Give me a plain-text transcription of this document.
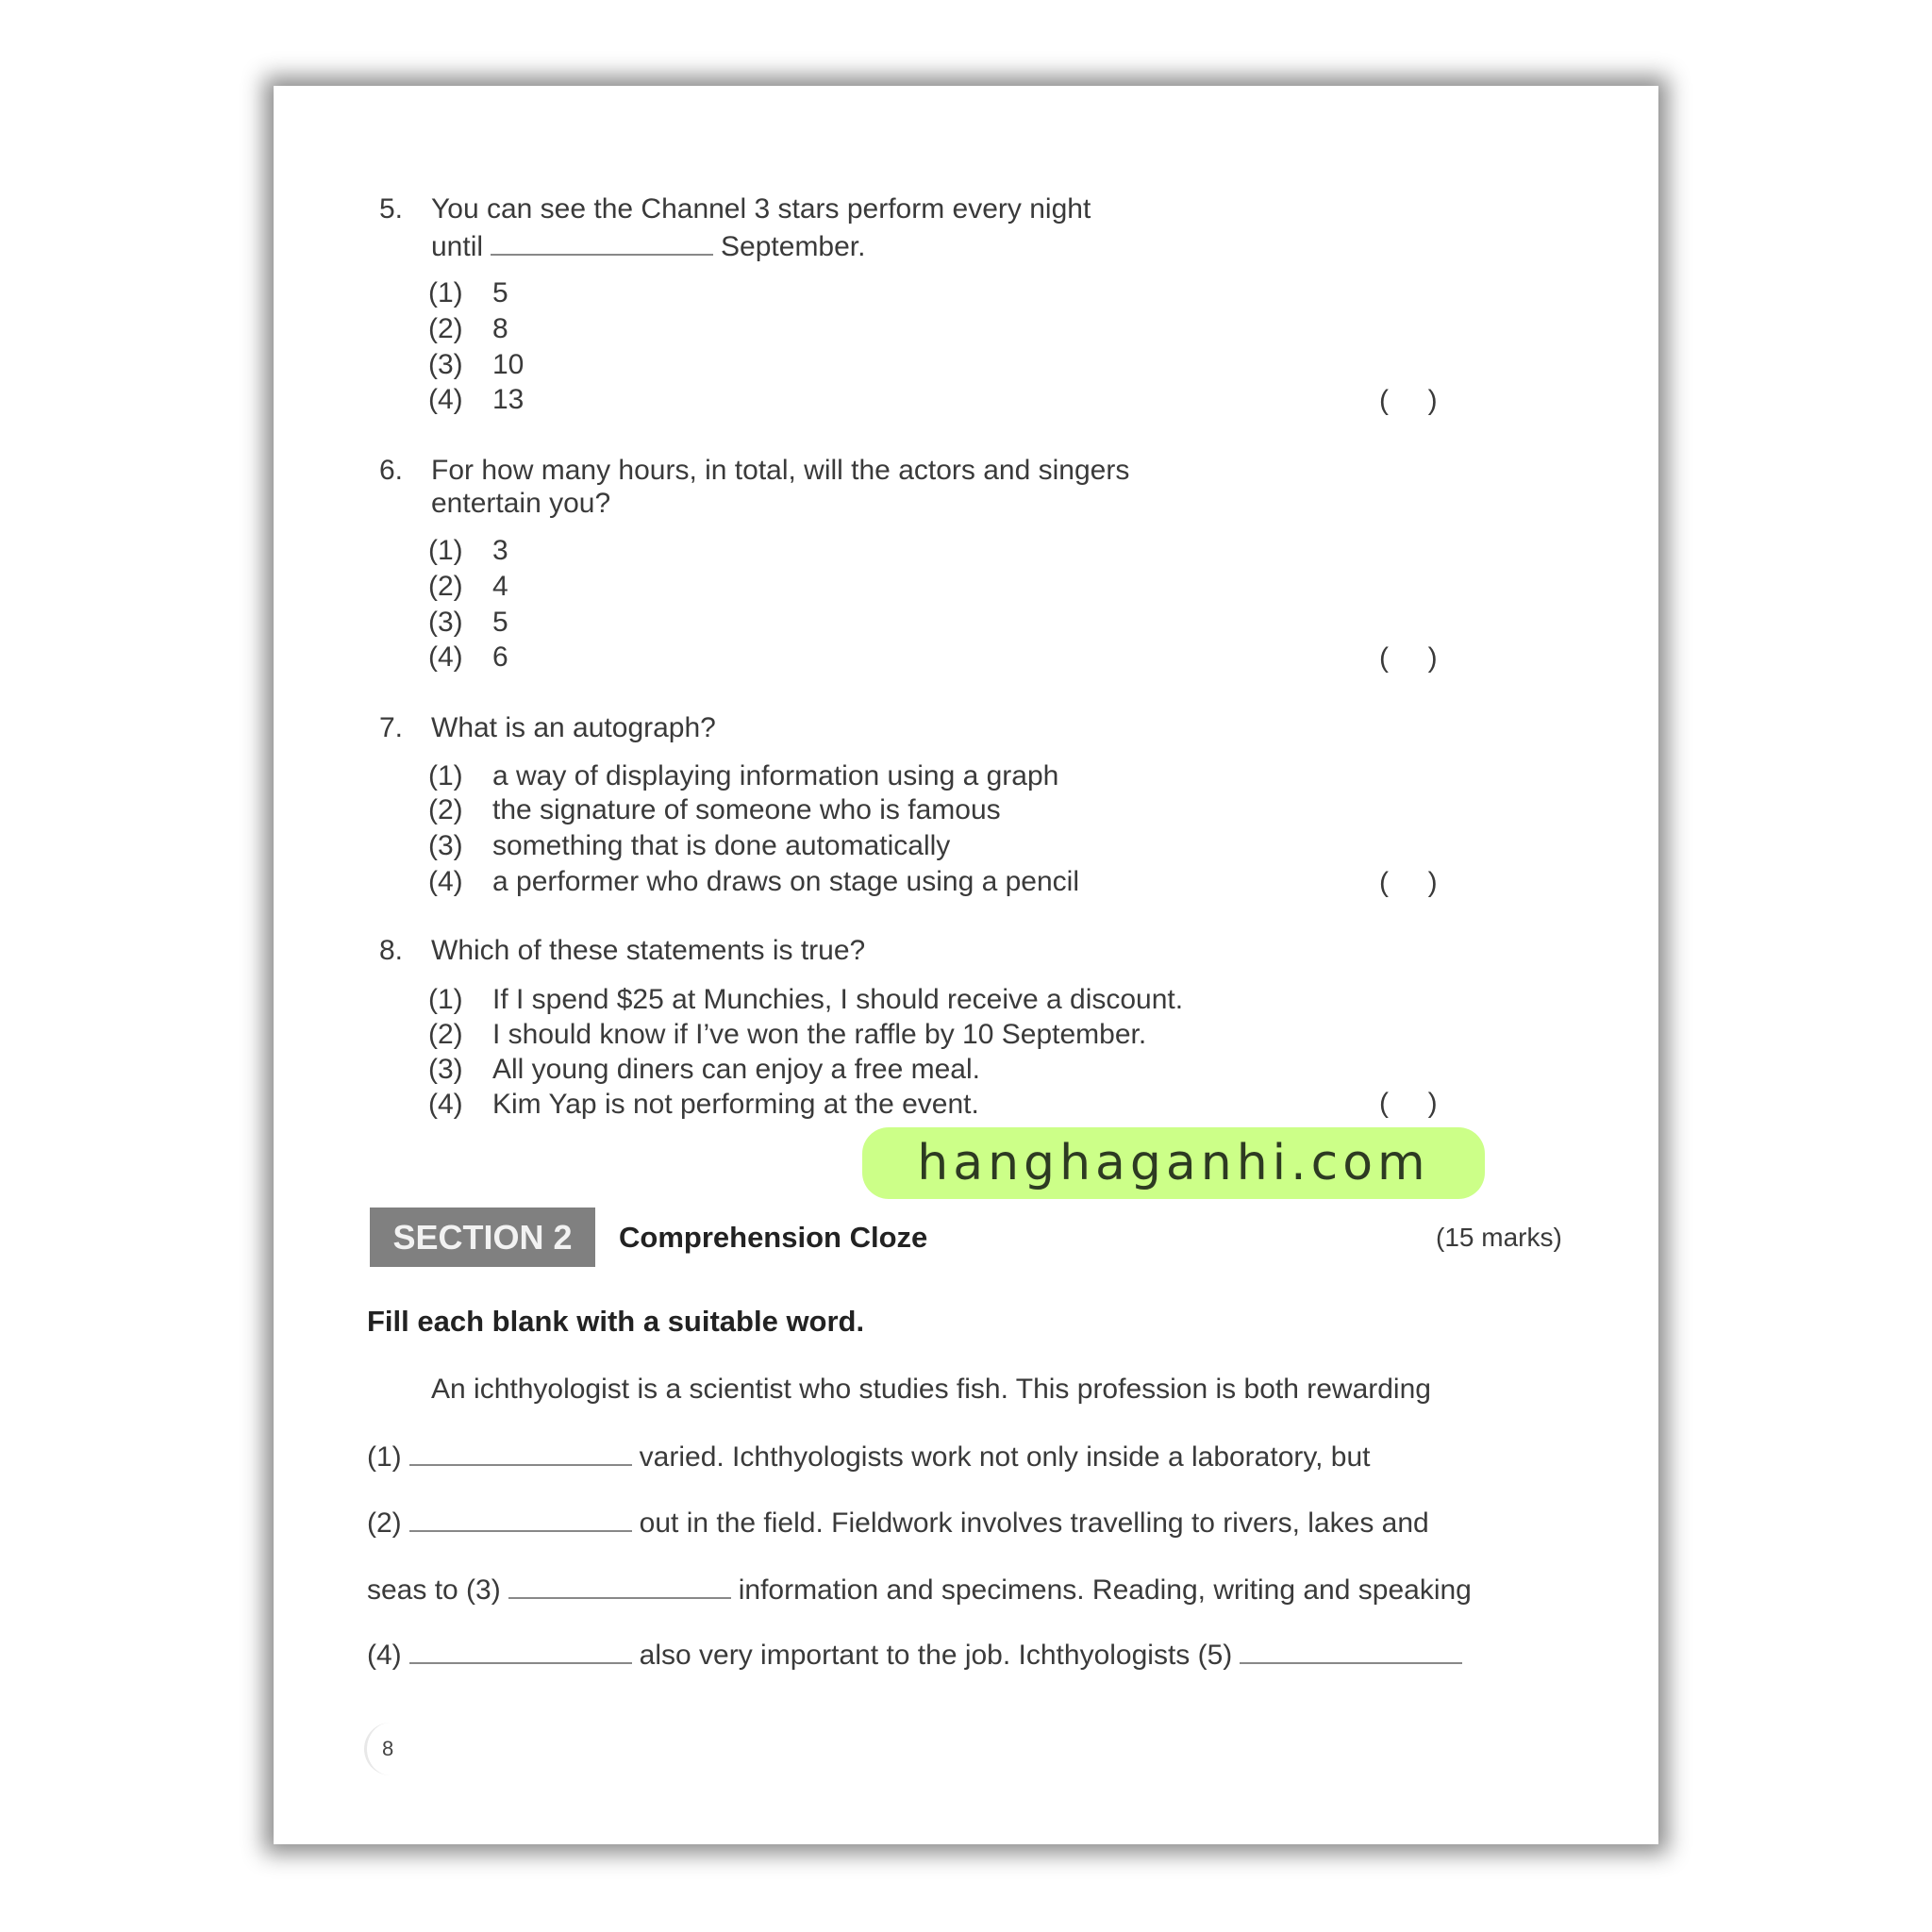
5. You can see the Channel 3 stars perform every night
until	September.
(1) 5
(2) 8
(3) 10
(4) 13	(     )
6. For how many hours, in total, will the actors and singers
entertain you?
(1) 3
(2) 4
(3) 5
(4) 6	(     )
7. What is an autograph?
(1) a way of displaying information using a graph
(2) the signature of someone who is famous
(3) something that is done automatically
(4) a performer who draws on stage using a pencil	(     )
8. Which of these statements is true?
(1) If I spend $25 at Munchies, I should receive a discount.
(2) I should know if I’ve won the raffle by 10 September.
(3) All young diners can enjoy a free meal.
(4) Kim Yap is not performing at the event.	(     )
SECTION 2	Comprehension Cloze	(15 marks)
Fill each blank with a suitable word.
An ichthyologist is a scientist who studies fish. This profession is both rewarding
(1)	varied. Ichthyologists work not only inside a laboratory, but
(2)	out in the field. Fieldwork involves travelling to rivers, lakes and
seas to (3)	information and specimens. Reading, writing and speaking
(4)	also very important to the job. Ichthyologists (5)
8
hanghaganhi.com
